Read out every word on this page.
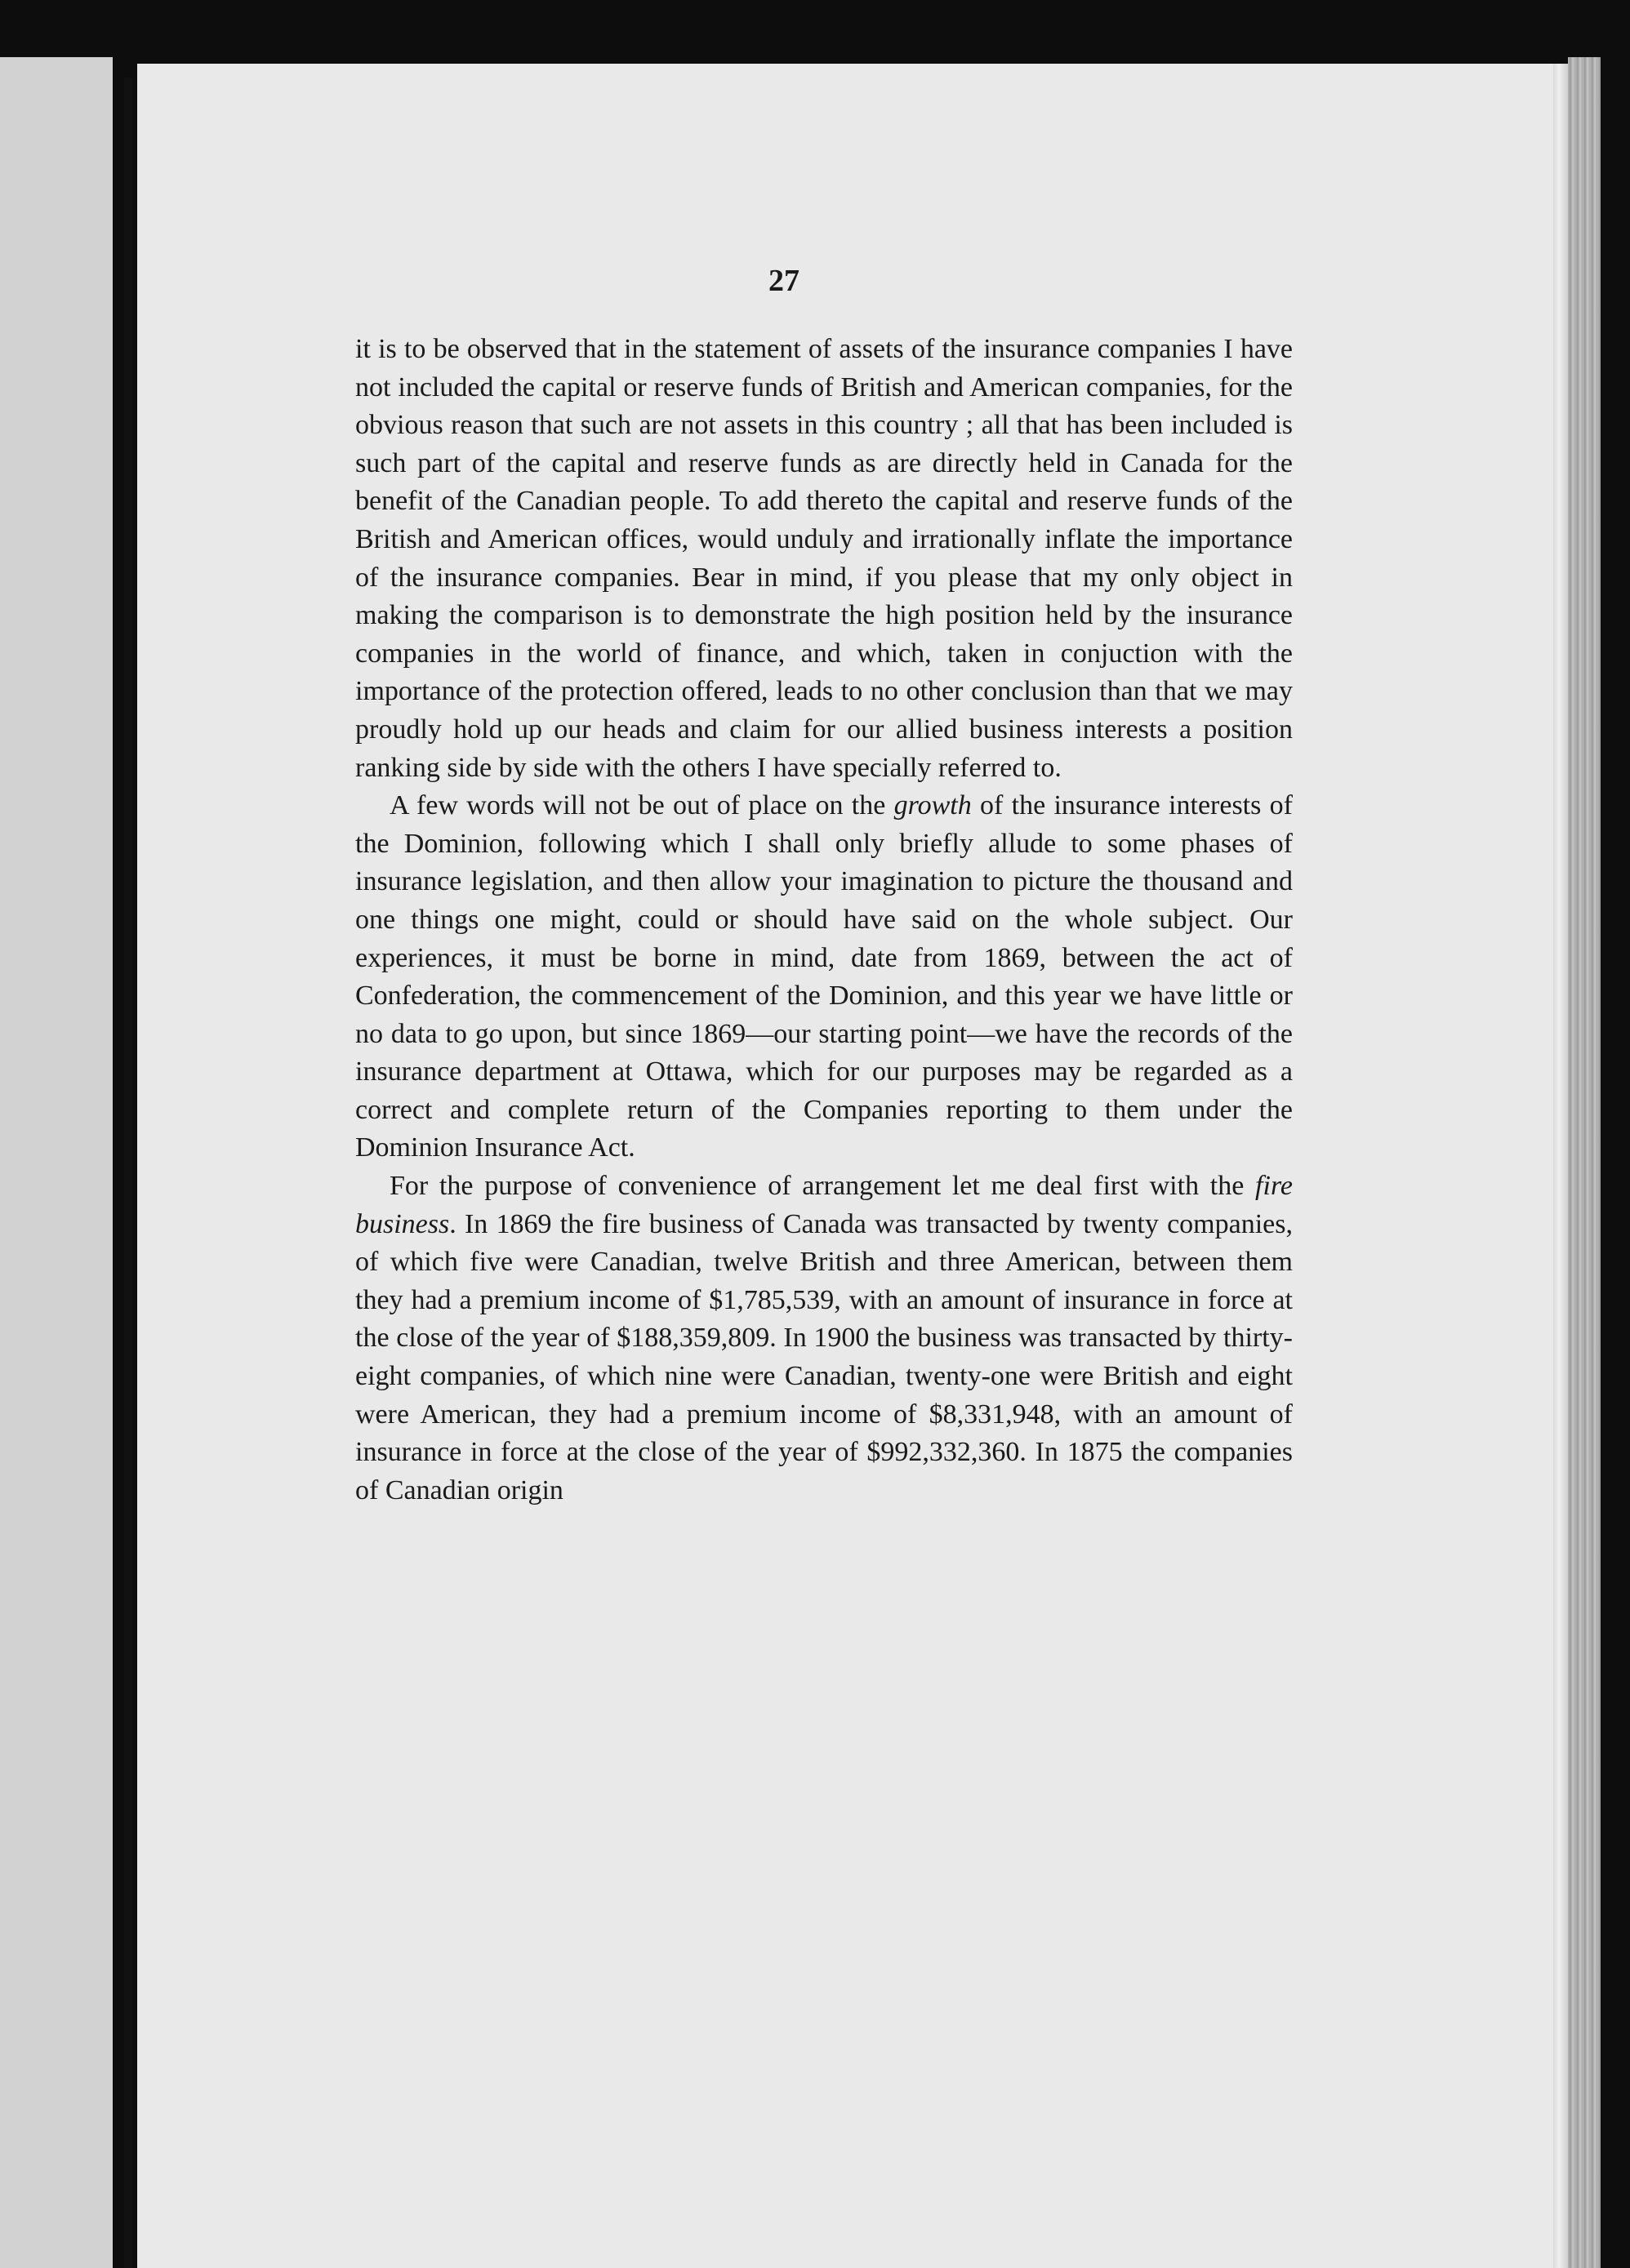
27

it is to be observed that in the statement of assets of the insurance companies I have not included the capital or reserve funds of British and American companies, for the obvious reason that such are not assets in this country ; all that has been included is such part of the capital and reserve funds as are directly held in Canada for the benefit of the Canadian people. To add thereto the capital and reserve funds of the British and American offices, would unduly and irrationally inflate the importance of the insurance companies. Bear in mind, if you please that my only object in making the comparison is to demonstrate the high position held by the insurance companies in the world of finance, and which, taken in conjuction with the importance of the protection offered, leads to no other conclusion than that we may proudly hold up our heads and claim for our allied business interests a position ranking side by side with the others I have specially referred to.

A few words will not be out of place on the growth of the insurance interests of the Dominion, following which I shall only briefly allude to some phases of insurance legislation, and then allow your imagination to picture the thousand and one things one might, could or should have said on the whole subject. Our experiences, it must be borne in mind, date from 1869, between the act of Confederation, the commencement of the Dominion, and this year we have little or no data to go upon, but since 1869—our starting point—we have the records of the insurance department at Ottawa, which for our purposes may be regarded as a correct and complete return of the Companies reporting to them under the Dominion Insurance Act.

For the purpose of convenience of arrangement let me deal first with the fire business. In 1869 the fire business of Canada was transacted by twenty companies, of which five were Canadian, twelve British and three American, between them they had a premium income of $1,785,539, with an amount of insurance in force at the close of the year of $188,359,809. In 1900 the business was transacted by thirty-eight companies, of which nine were Canadian, twenty-one were British and eight were American, they had a premium income of $8,331,948, with an amount of insurance in force at the close of the year of $992,332,360. In 1875 the companies of Canadian origin
